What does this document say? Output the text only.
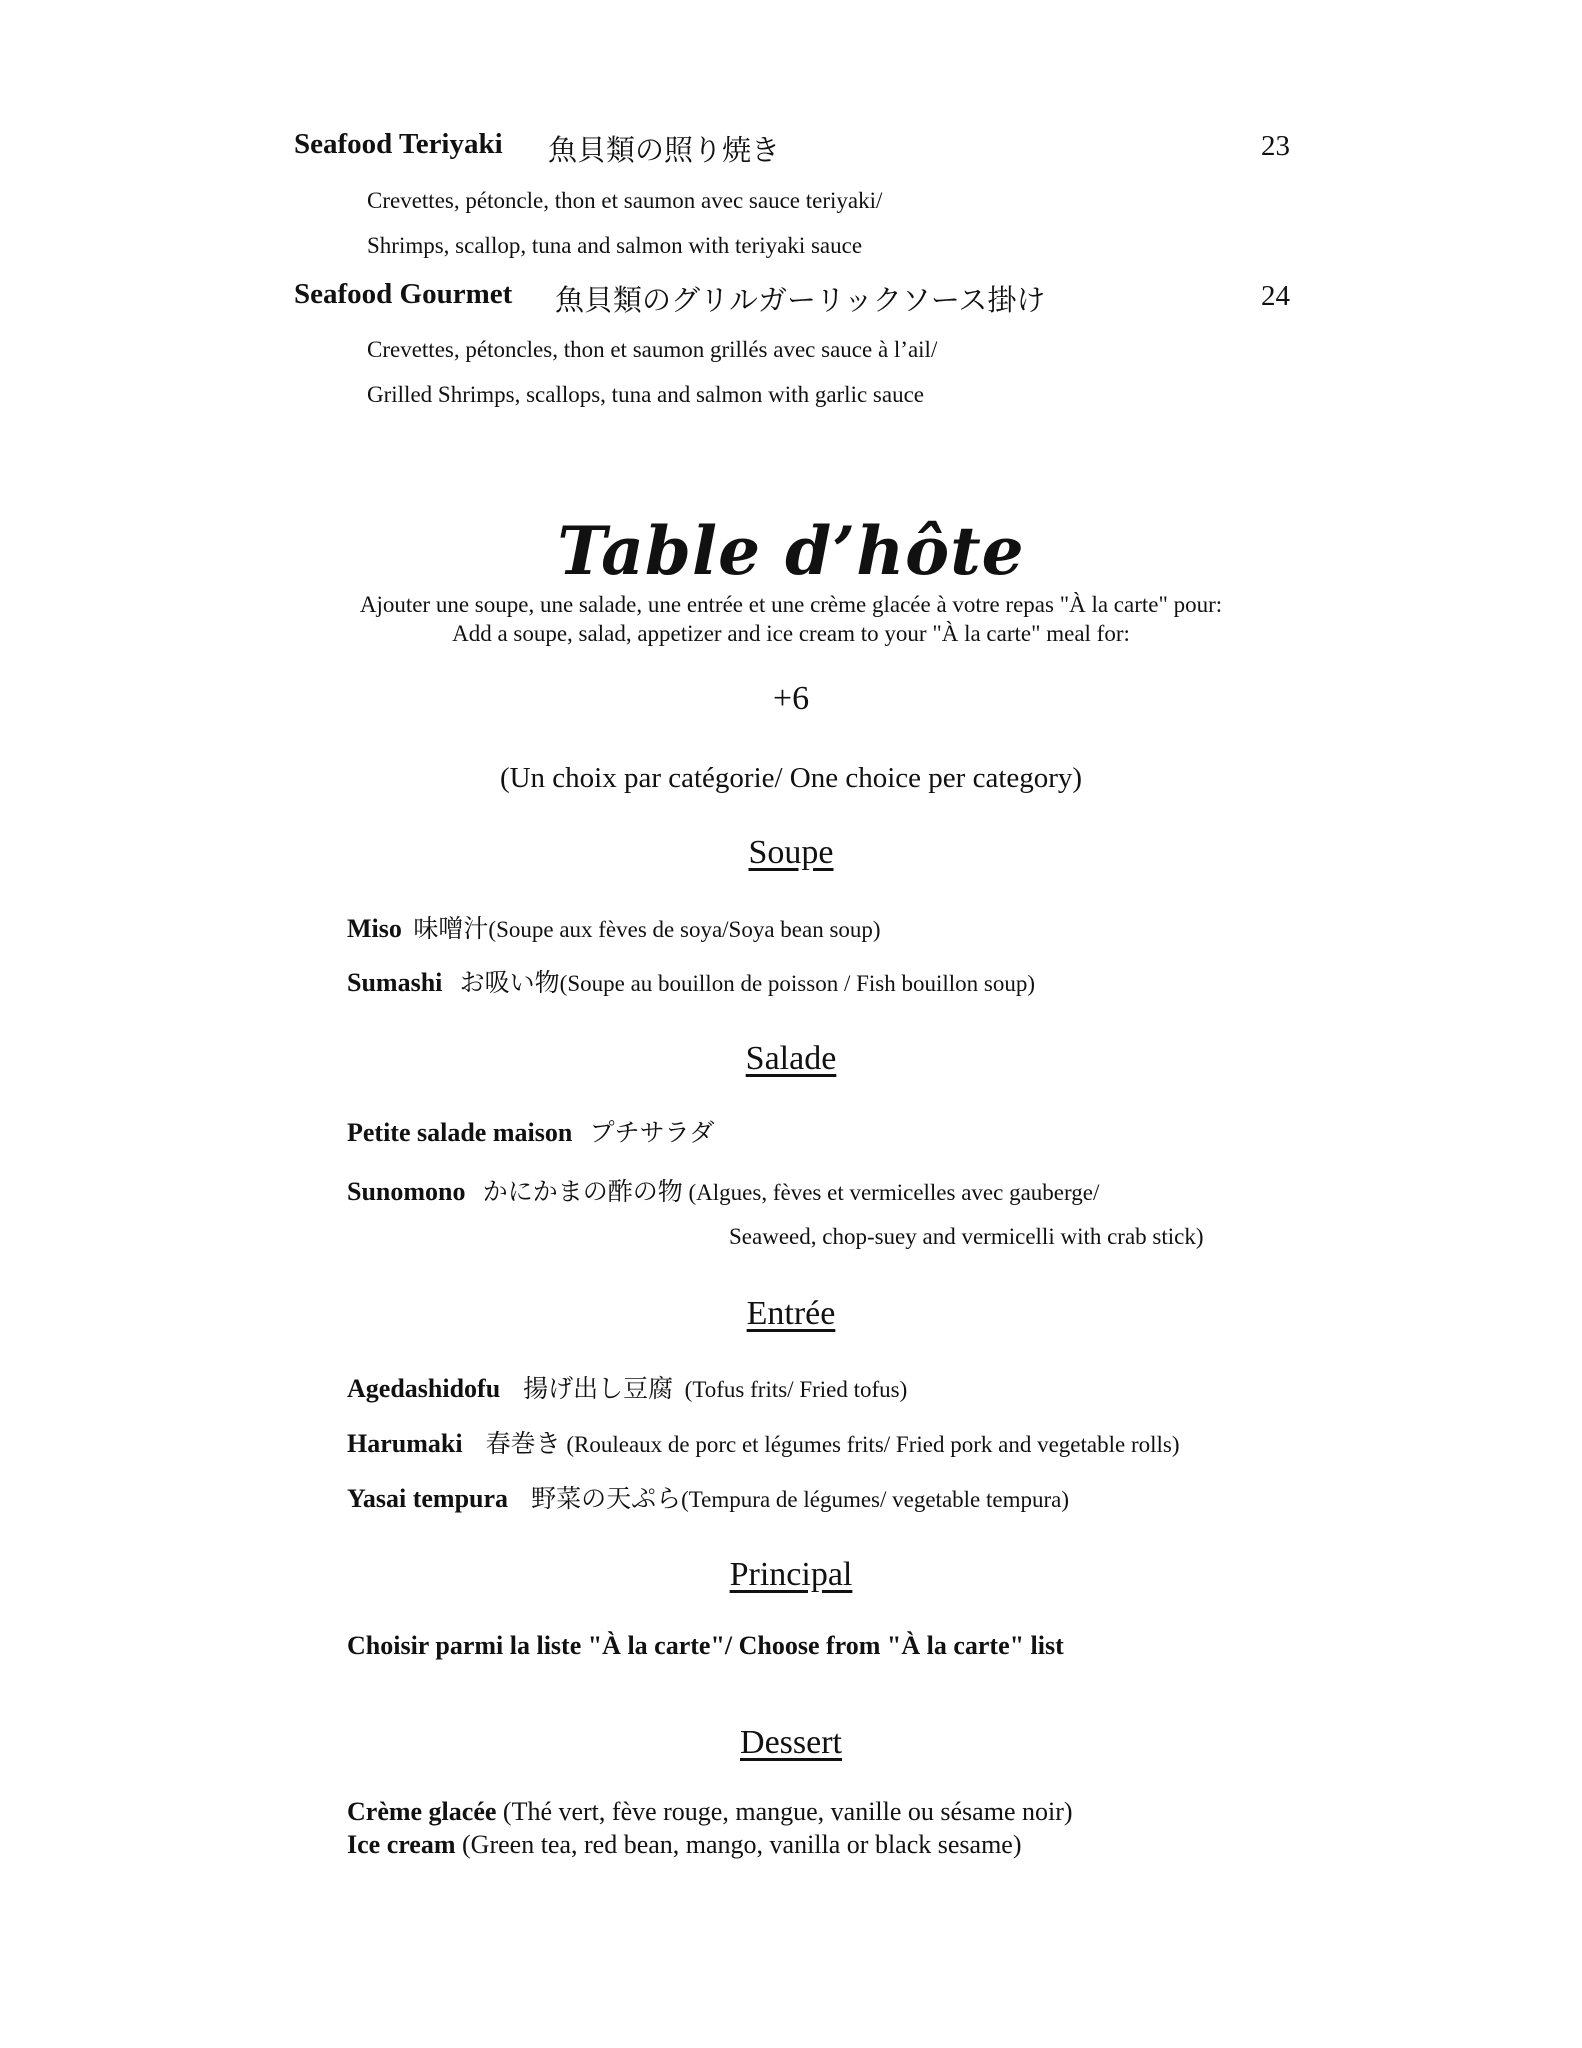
Seafood Teriyaki 魚貝類の照り焼き	23
Crevettes, pétoncle, thon et saumon avec sauce teriyaki/
Shrimps, scallop, tuna and salmon with teriyaki sauce
Seafood Gourmet 魚貝類のグリルガーリックソース掛け	24
Crevettes, pétoncles, thon et saumon grillés avec sauce à l’ail/
Grilled Shrimps, scallops, tuna and salmon with garlic sauce
Table d’hôte
Ajouter une soupe, une salade, une entrée et une crème glacée à votre repas "À la carte" pour:
Add a soupe, salad, appetizer and ice cream to your "À la carte" meal for:
+6
(Un choix par catégorie/ One choice per category)
Soupe
Miso 味噌汁(Soupe aux fèves de soya/Soya bean soup)
Sumashi お吸い物(Soupe au bouillon de poisson / Fish bouillon soup)
Salade
Petite salade maison プチサラダ
Sunomono かにかまの酢の物 (Algues, fèves et vermicelles avec gauberge/
Seaweed, chop-suey and vermicelli with crab stick)
Entrée
Agedashidofu 揚げ出し豆腐 (Tofus frits/ Fried tofus)
Harumaki 春巻き (Rouleaux de porc et légumes frits/ Fried pork and vegetable rolls)
Yasai tempura 野菜の天ぷら(Tempura de légumes/ vegetable tempura)
Principal
Choisir parmi la liste "À la carte"/ Choose from "À la carte" list
Dessert
Crème glacée (Thé vert, fève rouge, mangue, vanille ou sésame noir)
Ice cream (Green tea, red bean, mango, vanilla or black sesame)
